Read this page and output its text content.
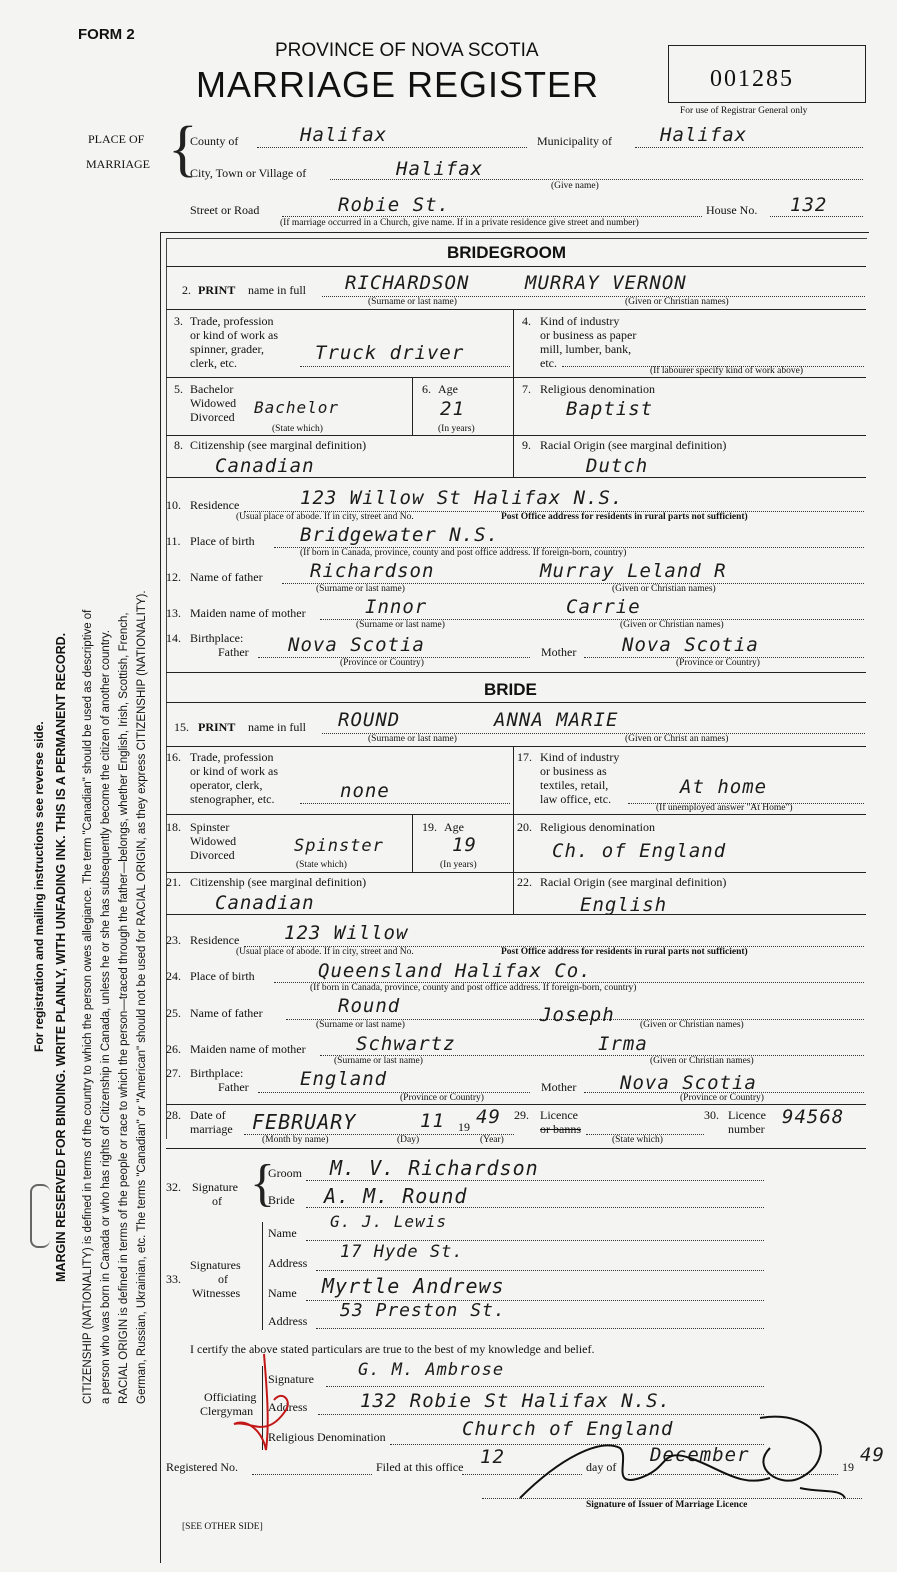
FORM 2
PROVINCE OF NOVA SCOTIA
MARRIAGE REGISTER	001285
For use of Registrar General only
PLACE OF
MARRIAGE {
County of	Halifax	Municipality of	Halifax
City, Town or Village of	Halifax
(Give name)
Street or Road	Robie St.	House No. 132
(If marriage occurred in a Church, give name. If in a private residence give street and number)
BRIDEGROOM
2. PRINT name in full RICHARDSON	MURRAY VERNON
(Surname or last name)	(Given or Christian names)
3. Trade, profession
or kind of work as
spinner, grader,
clerk, etc.	Truck driver
4. Kind of industry
or business as paper
mill, lumber, bank,
etc.
(If labourer specify kind of work above)
5. Bachelor
Widowed
Divorced Bachelor
(State which)
6. Age
21
(In years)
7. Religious denomination
Baptist
8. Citizenship (see marginal definition)
Canadian
9. Racial Origin (see marginal definition)
Dutch
10. Residence	123 Willow St Halifax N.S.
(Usual place of abode. If in city, street and No.	Post Office address for residents in rural parts not sufficient)
11. Place of birth Bridgewater N.S.
(If born in Canada, province, county and post office address. If foreign-born, country)
12. Name of father Richardson	Murray Leland R
(Surname or last name)	(Given or Christian names)
13. Maiden name of mother	Innor	Carrie
(Surname or last name)	(Given or Christian names)
14. Birthplace:
Father Nova Scotia	Mother Nova Scotia
(Province or Country)	(Province or Country)
BRIDE
15. PRINT name in full ROUND	ANNA MARIE
(Surname or last name)	(Given or Christ an names)
16. Trade, profession
or kind of work as
operator, clerk,
stenographer, etc.	none
17. Kind of industry
or business as
textiles, retail,
law office, etc.
At home
(If unemployed answer "At Home")
18. Spinster
Widowed
Divorced	Spinster
(State which)
19. Age
19
(In years)
20. Religious denomination
Ch. of England
21. Citizenship (see marginal definition)
Canadian
22. Racial Origin (see marginal definition)
English
23. Residence 123 Willow
(Usual place of abode. If in city, street and No.	Post Office address for residents in rural parts not sufficient)
24. Place of birth	Queensland Halifax Co.
(If born in Canada, province, county and post office address. If foreign-born, country)
25. Name of father	Round	Joseph
(Surname or last name)	(Given or Christian names)
26. Maiden name of mother	Schwartz	Irma
(Surname or last name)	(Given or Christian names)
27. Birthplace:
Father	England	Mother Nova Scotia
(Province or Country)	(Province or Country)
28. Date of
marriage FEBRUARY	11 19 49
(Month by name)	(Day)	(Year)
29. Licence
or banns
(State which)
30. Licence
number
94568
32. Signature
of {
Groom M. V. Richardson
Bride A. M. Round
33.
Signatures
of
Witnesses
Name
G. J. Lewis
Address
17 Hyde St.
Name Myrtle Andrews
Address 53 Preston St.
I certify the above stated particulars are true to the best of my knowledge and belief.
Signature	G. M. Ambrose
Officiating
Clergyman Address	132 Robie St Halifax N.S.
Religious Denomination	Church of England
Registered No.	Filed at this office 12	day of
December
19
49
Signature of Issuer of Marriage Licence
[SEE OTHER SIDE]
For registration and mailing instructions see reverse side. MARGIN RESERVED FOR BINDING. WRITE PLAINLY, WITH UNFADING INK. THIS IS A PERMANENT RECORD. CITIZENSHIP (NATIONALITY) is defined in terms of the country to which the person owes allegiance. The term "Canadian" should be used as descriptive of a person who was born in Canada or who has rights of Citizenship in Canada, unless he or she has subsequently become the citizen of another country. RACIAL ORIGIN is defined in terms of the people or race to which the person—traced through the father—belongs, whether English, Irish, Scottish, French, German, Russian, Ukrainian, etc. The terms "Canadian" or "American" should not be used for RACIAL ORIGIN, as they express CITIZENSHIP (NATIONALITY).
